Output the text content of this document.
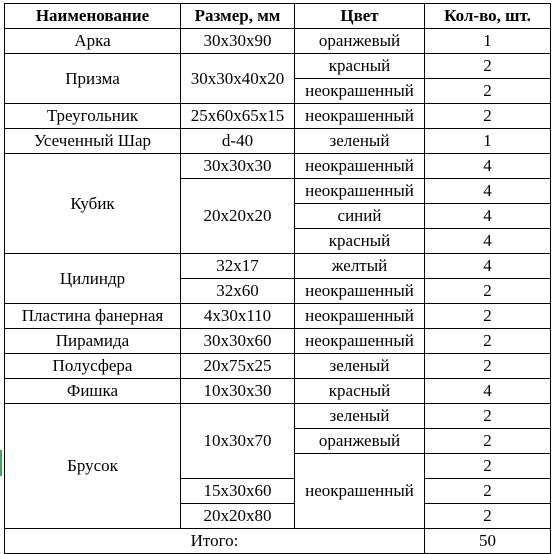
Наименование	Размер, мм	Цвет	Кол-во, шт.
Арка	30х30х90	оранжевый	1
Призма	30х30х40х20	красный	2
		неокрашенный	2
Треугольник	25х60х65х15	неокрашенный	2
Усеченный Шар	d-40	зеленый	1
Кубик	30х30х30	неокрашенный	4
	20х20х20	неокрашенный	4
		синий	4
		красный	4
Цилиндр	32х17	желтый	4
	32х60	неокрашенный	2
Пластина фанерная	4х30х110	неокрашенный	2
Пирамида	30х30х60	неокрашенный	2
Полусфера	20х75х25	зеленый	2
Фишка	10х30х30	красный	4
Брусок	10х30х70	зеленый	2
		оранжевый	2
		неокрашенный	2
	15х30х60		2
	20х20х80		2
Итого:			50
